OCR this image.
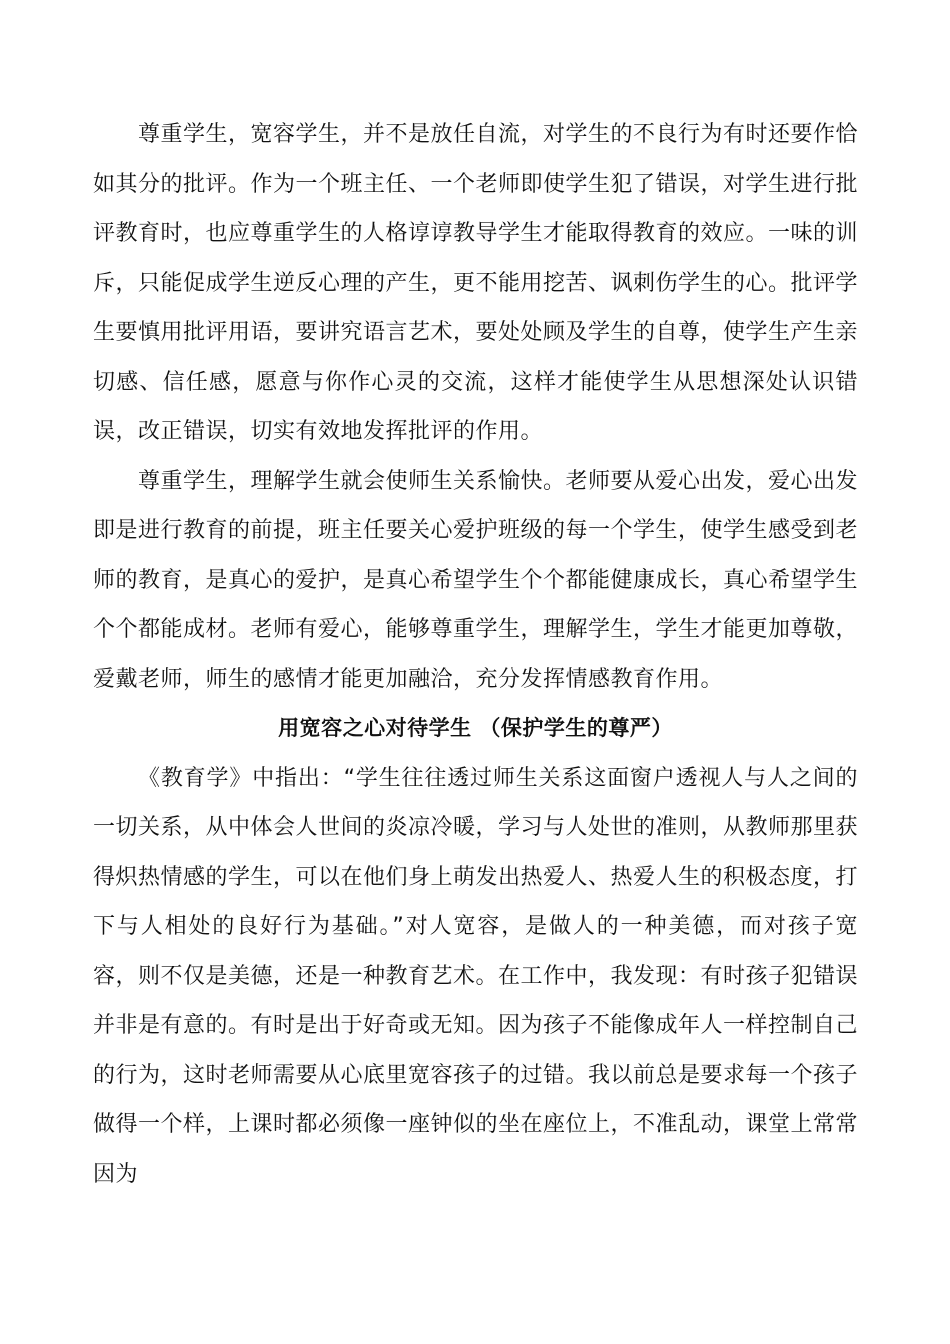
尊重学生，宽容学生，并不是放任自流，对学生的不良行为有时还要作恰如其分的批评。作为一个班主任、一个老师即使学生犯了错误，对学生进行批评教育时，也应尊重学生的人格谆谆教导学生才能取得教育的效应。一味的训斥，只能促成学生逆反心理的产生，更不能用挖苦、讽刺伤学生的心。批评学生要慎用批评用语，要讲究语言艺术，要处处顾及学生的自尊，使学生产生亲切感、信任感，愿意与你作心灵的交流，这样才能使学生从思想深处认识错误，改正错误，切实有效地发挥批评的作用。

尊重学生，理解学生就会使师生关系愉快。老师要从爱心出发，爱心出发即是进行教育的前提，班主任要关心爱护班级的每一个学生，使学生感受到老师的教育，是真心的爱护，是真心希望学生个个都能健康成长，真心希望学生个个都能成材。老师有爱心，能够尊重学生，理解学生，学生才能更加尊敬，爱戴老师，师生的感情才能更加融洽，充分发挥情感教育作用。

用宽容之心对待学生 （保护学生的尊严）

《教育学》中指出：“学生往往透过师生关系这面窗户透视人与人之间的一切关系，从中体会人世间的炎凉冷暖，学习与人处世的准则，从教师那里获得炽热情感的学生，可以在他们身上萌发出热爱人、热爱人生的积极态度，打下与人相处的良好行为基础。”对人宽容，是做人的一种美德，而对孩子宽容，则不仅是美德，还是一种教育艺术。在工作中，我发现：有时孩子犯错误并非是有意的。有时是出于好奇或无知。因为孩子不能像成年人一样控制自己的行为，这时老师需要从心底里宽容孩子的过错。我以前总是要求每一个孩子做得一个样，上课时都必须像一座钟似的坐在座位上，不准乱动，课堂上常常因为
